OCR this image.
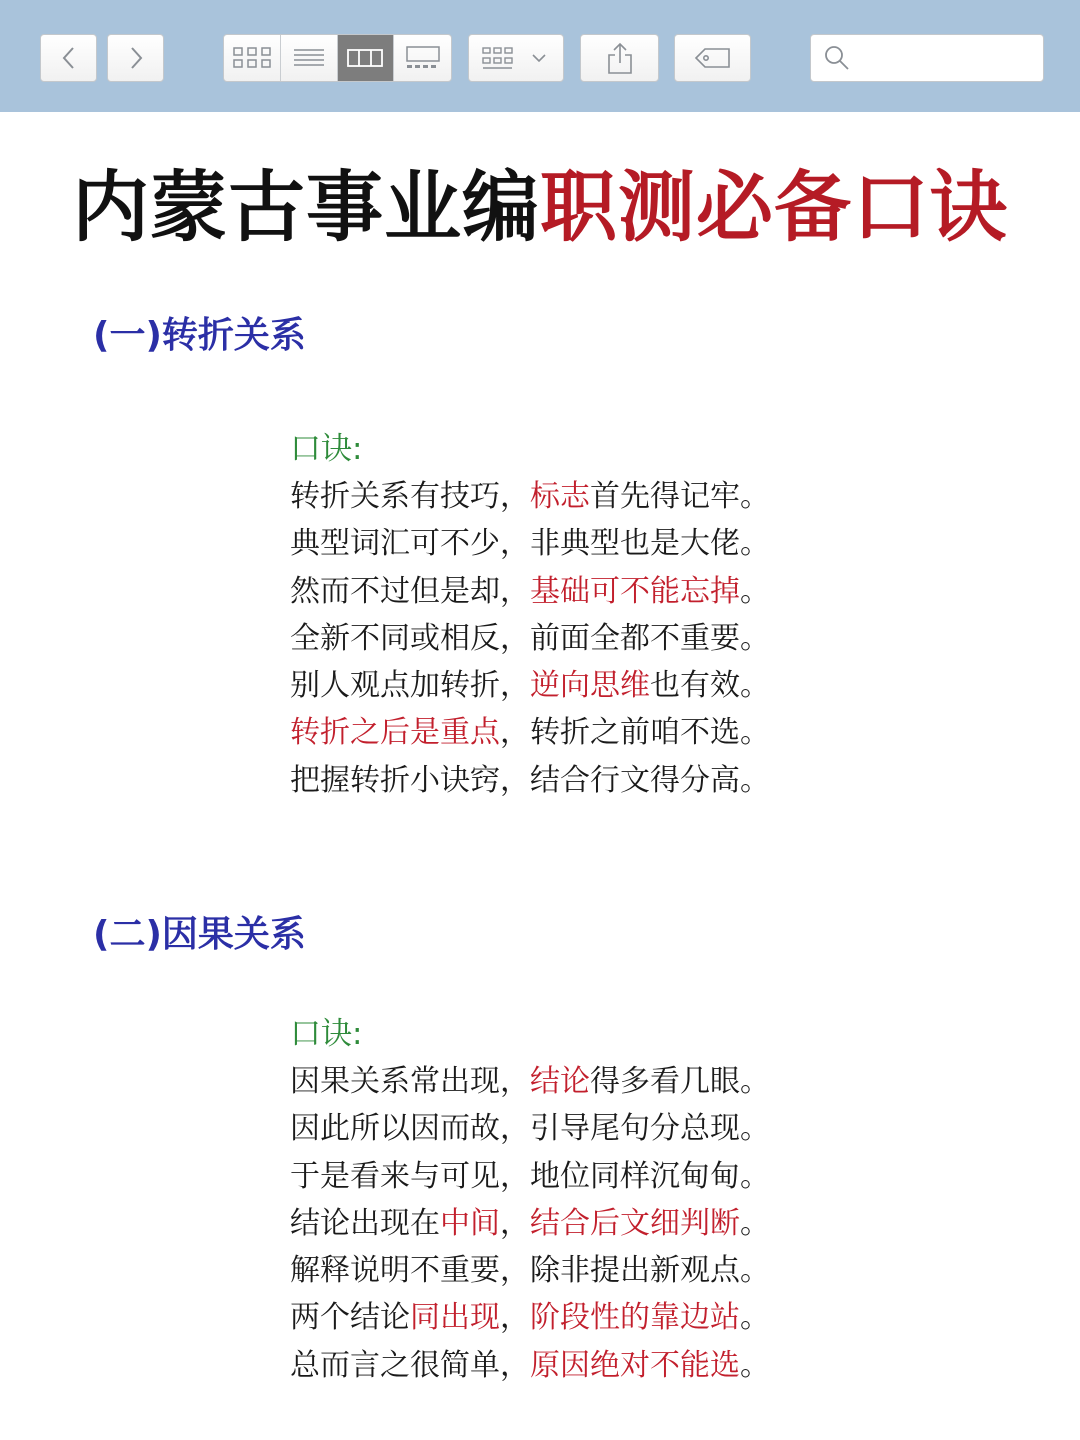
内蒙古事业编职测必备口诀
(一)转折关系
口诀:
转折关系有技巧，标志首先得记牢。
典型词汇可不少，非典型也是大佬。
然而不过但是却，基础可不能忘掉。
全新不同或相反，前面全都不重要。
别人观点加转折，逆向思维也有效。
转折之后是重点，转折之前咱不选。
把握转折小诀窍，结合行文得分高。
(二)因果关系
口诀:
因果关系常出现，结论得多看几眼。
因此所以因而故，引导尾句分总现。
于是看来与可见，地位同样沉甸甸。
结论出现在中间，结合后文细判断。
解释说明不重要，除非提出新观点。
两个结论同出现，阶段性的靠边站。
总而言之很简单，原因绝对不能选。
